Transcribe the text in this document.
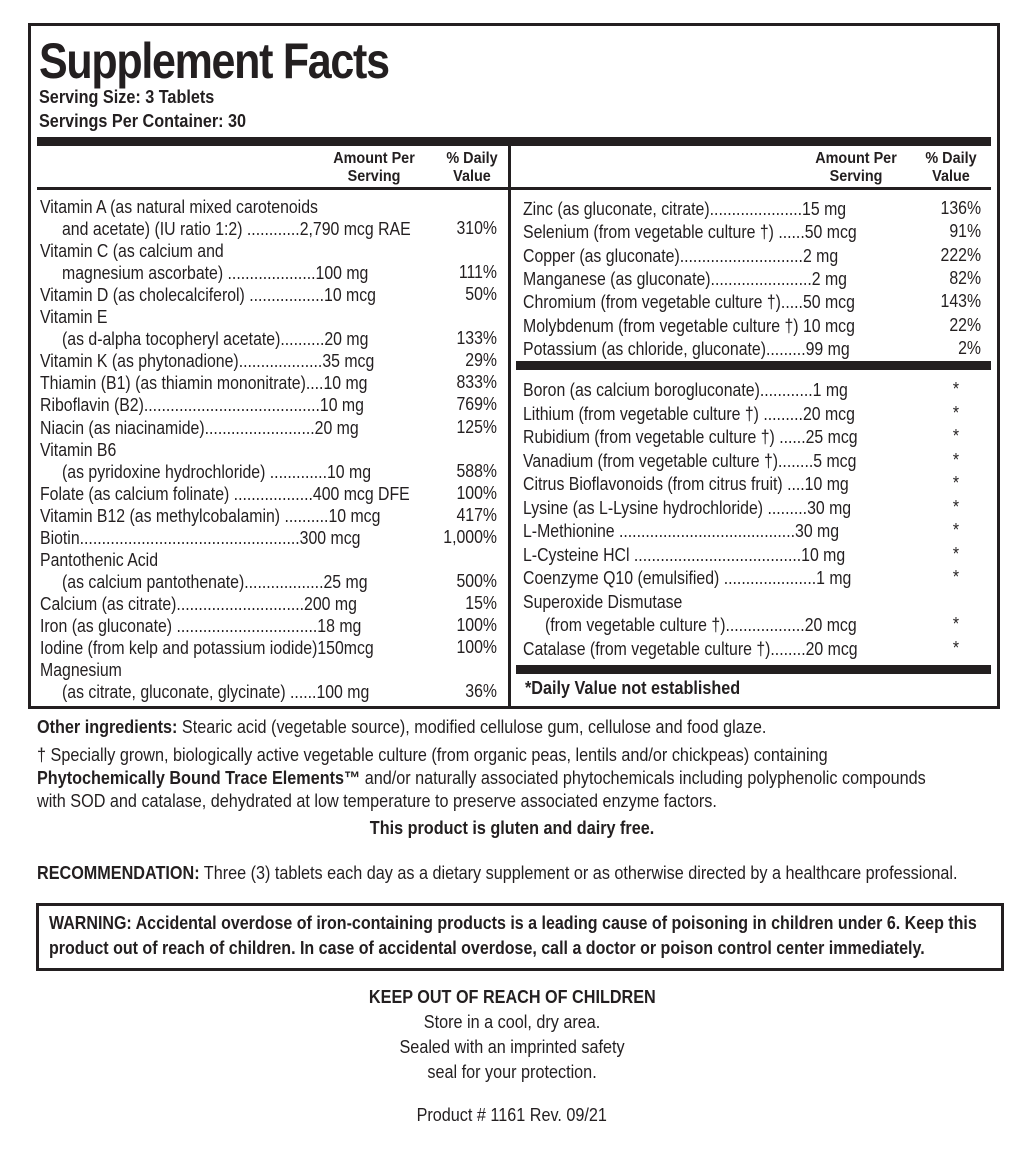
Supplement Facts
Serving Size: 3 Tablets
Servings Per Container: 30
Amount Per
Serving
% Daily
Value
Amount Per
Serving
% Daily
Value
Vitamin A (as natural mixed carotenoids
and acetate) (IU ratio 1:2) ............2,790 mcg RAE	310%
Vitamin C (as calcium and
magnesium ascorbate) ....................100 mg	111%
Vitamin D (as cholecalciferol) .................10 mcg	50%
Vitamin E
(as d-alpha tocopheryl acetate)..........20 mg	133%
Vitamin K (as phytonadione)...................35 mcg	29%
Thiamin (B1) (as thiamin mononitrate)....10 mg	833%
Riboflavin (B2)........................................10 mg	769%
Niacin (as niacinamide).........................20 mg	125%
Vitamin B6
(as pyridoxine hydrochloride) .............10 mg	588%
Folate (as calcium folinate) ..................400 mcg DFE	100%
Vitamin B12 (as methylcobalamin) ..........10 mcg	417%
Biotin..................................................300 mcg	1,000%
Pantothenic Acid
(as calcium pantothenate)..................25 mg	500%
Calcium (as citrate).............................200 mg	15%
Iron (as gluconate) ................................18 mg	100%
Iodine (from kelp and potassium iodide)150mcg	100%
Magnesium
(as citrate, gluconate, glycinate) ......100 mg	36%
Zinc (as gluconate, citrate).....................15 mg	136%
Selenium (from vegetable culture †) ......50 mcg	91%
Copper (as gluconate)............................2 mg	222%
Manganese (as gluconate).......................2 mg	82%
Chromium (from vegetable culture †).....50 mcg	143%
Molybdenum (from vegetable culture †) 10 mcg	22%
Potassium (as chloride, gluconate).........99 mg	2%
Boron (as calcium borogluconate)............1 mg	*
Lithium (from vegetable culture †) .........20 mcg	*
Rubidium (from vegetable culture †) ......25 mcg	*
Vanadium (from vegetable culture †)........5 mcg	*
Citrus Bioflavonoids (from citrus fruit) ....10 mg	*
Lysine (as L-Lysine hydrochloride) .........30 mg	*
L-Methionine ........................................30 mg	*
L-Cysteine HCl ......................................10 mg	*
Coenzyme Q10 (emulsified) .....................1 mg	*
Superoxide Dismutase
(from vegetable culture †)..................20 mcg	*
Catalase (from vegetable culture †)........20 mcg	*
*Daily Value not established
Other ingredients: Stearic acid (vegetable source), modified cellulose gum, cellulose and food glaze.
† Specially grown, biologically active vegetable culture (from organic peas, lentils and/or chickpeas) containing
Phytochemically Bound Trace Elements™ and/or naturally associated phytochemicals including polyphenolic compounds
with SOD and catalase, dehydrated at low temperature to preserve associated enzyme factors.
This product is gluten and dairy free.
RECOMMENDATION: Three (3) tablets each day as a dietary supplement or as otherwise directed by a healthcare professional.
WARNING: Accidental overdose of iron-containing products is a leading cause of poisoning in children under 6. Keep this
product out of reach of children. In case of accidental overdose, call a doctor or poison control center immediately.
KEEP OUT OF REACH OF CHILDREN
Store in a cool, dry area.
Sealed with an imprinted safety
seal for your protection.
Product # 1161 Rev. 09/21
